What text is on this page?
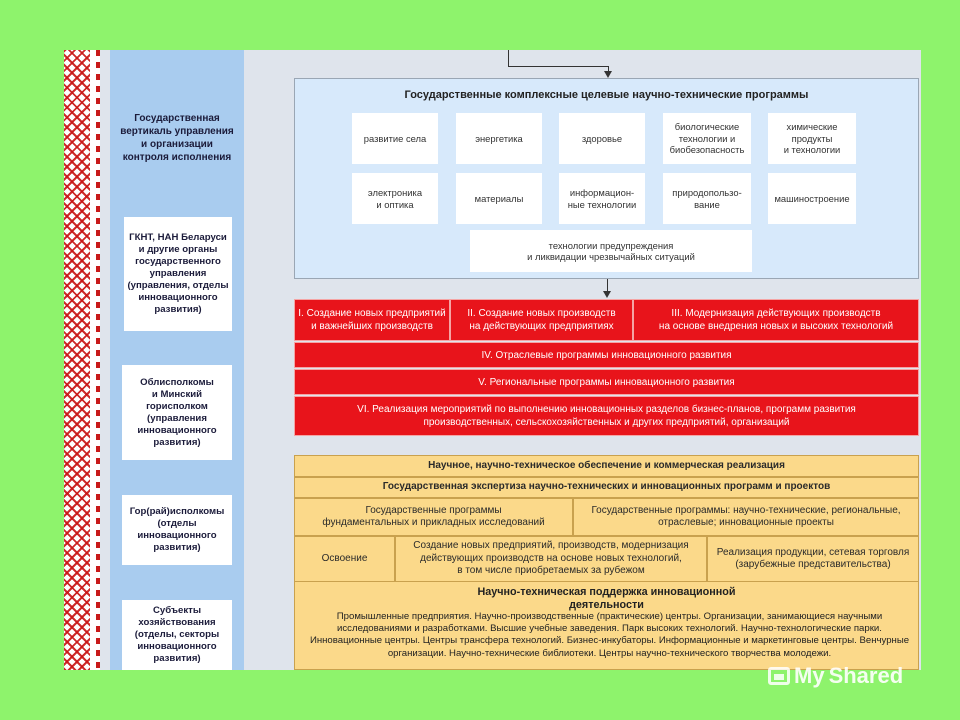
Государственная
вертикаль управления
и организации
контроля исполнения
ГКНТ, НАН Беларуси
и другие органы
государственного
управления
(управления, отделы
инновационного
развития)
Облисполкомы
и Минский
горисполком
(управления
инновационного
развития)
Гор(рай)исполкомы
(отделы
инновационного
развития)
Субъекты
хозяйствования
(отделы, секторы
инновационного
развития)
Государственные комплексные целевые научно-технические программы
развитие села	энергетика	здоровье
биологические
технологии и
биобезопасность
химические
продукты
и технологии
электроника
и оптика
материалы
информацион-
ные технологии
природопользо-
вание
машиностроение
технологии предупреждения
и ликвидации чрезвычайных ситуаций
I. Создание новых предприятий
и важнейших производств
II. Создание новых производств
на действующих предприятиях
III. Модернизация действующих производств
на основе внедрения новых и высоких технологий
IV. Отраслевые программы инновационного развития
V. Региональные программы инновационного развития
VI. Реализация мероприятий по выполнению инновационных разделов бизнес-планов, программ развития
производственных, сельскохозяйственных и других предприятий, организаций
Научное, научно-техническое обеспечение и коммерческая реализация
Государственная экспертиза научно-технических и инновационных программ и проектов
Государственные программы
фундаментальных и прикладных исследований
Государственные программы: научно-технические, региональные,
отраслевые; инновационные проекты
Освоение
Создание новых предприятий, производств, модернизация
действующих производств на основе новых технологий,
в том числе приобретаемых за рубежом
Реализация продукции, сетевая торговля
(зарубежные представительства)
Научно-техническая поддержка инновационной
деятельности
Промышленные предприятия. Научно-производственные (практические) центры. Организации, занимающиеся научными исследованиями и разработками. Высшие учебные заведения. Парк высоких технологий. Научно-технологические парки. Инновационные центры. Центры трансфера технологий. Бизнес-инкубаторы. Информационные и маркетинговые центры. Венчурные организации. Научно-технические библиотеки. Центры научно-технического творчества молодежи.
My Shared
